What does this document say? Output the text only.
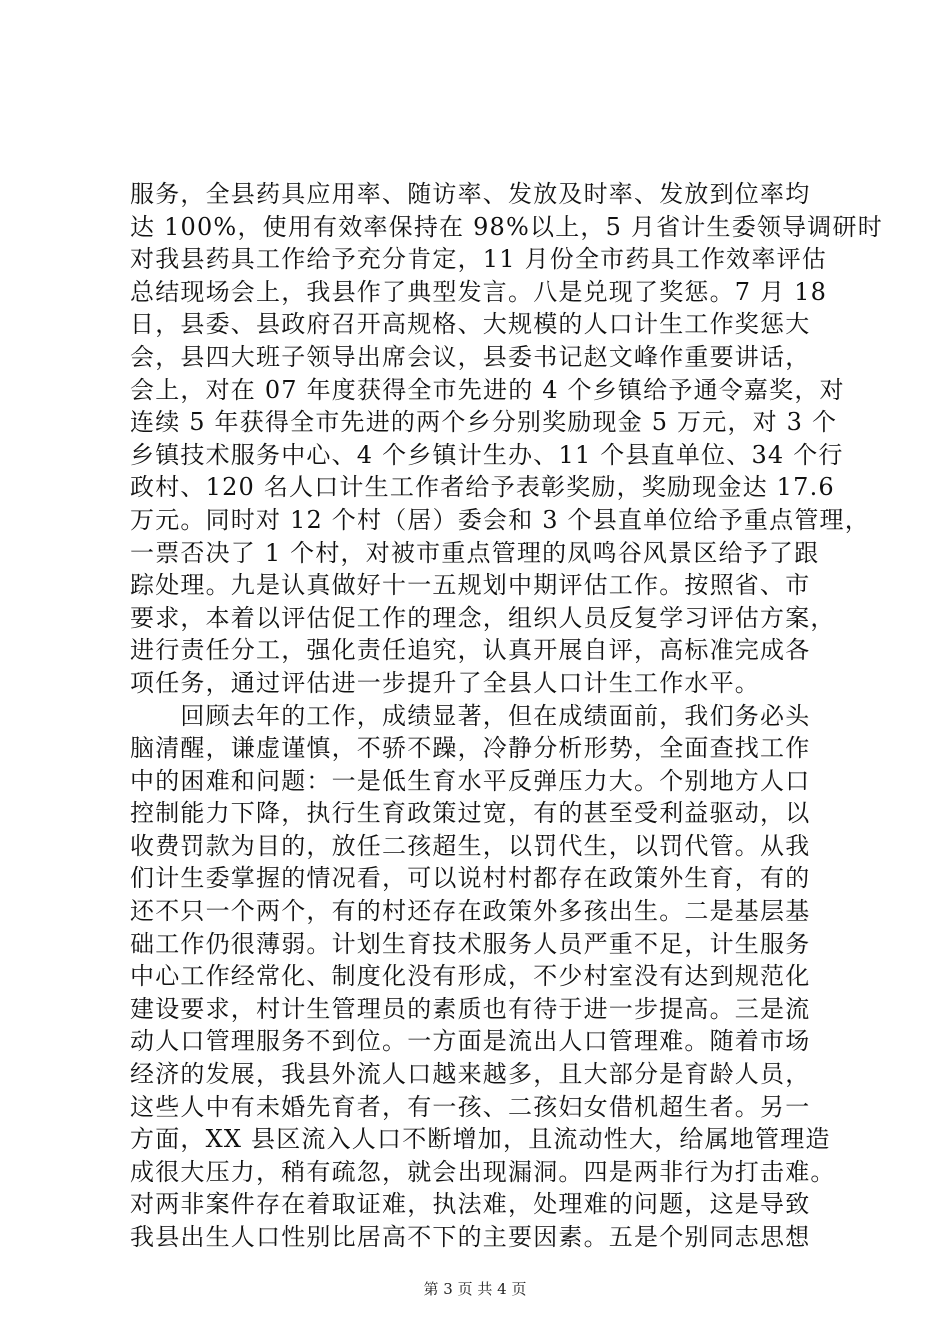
服务，全县药具应用率、随访率、发放及时率、发放到位率均
达 100%，使用有效率保持在 98%以上，5 月省计生委领导调研时
对我县药具工作给予充分肯定，11 月份全市药具工作效率评估
总结现场会上，我县作了典型发言。八是兑现了奖惩。7 月 18
日，县委、县政府召开高规格、大规模的人口计生工作奖惩大
会，县四大班子领导出席会议，县委书记赵文峰作重要讲话，
会上，对在 07 年度获得全市先进的 4 个乡镇给予通令嘉奖，对
连续 5 年获得全市先进的两个乡分别奖励现金 5 万元，对 3 个
乡镇技术服务中心、4 个乡镇计生办、11 个县直单位、34 个行
政村、120 名人口计生工作者给予表彰奖励，奖励现金达 17.6
万元。同时对 12 个村（居）委会和 3 个县直单位给予重点管理，
一票否决了 1 个村，对被市重点管理的凤鸣谷风景区给予了跟
踪处理。九是认真做好十一五规划中期评估工作。按照省、市
要求，本着以评估促工作的理念，组织人员反复学习评估方案，
进行责任分工，强化责任追究，认真开展自评，高标准完成各
项任务，通过评估进一步提升了全县人口计生工作水平。
　　回顾去年的工作，成绩显著，但在成绩面前，我们务必头
脑清醒，谦虚谨慎，不骄不躁，冷静分析形势，全面查找工作
中的困难和问题：一是低生育水平反弹压力大。个别地方人口
控制能力下降，执行生育政策过宽，有的甚至受利益驱动，以
收费罚款为目的，放任二孩超生，以罚代生，以罚代管。从我
们计生委掌握的情况看，可以说村村都存在政策外生育，有的
还不只一个两个，有的村还存在政策外多孩出生。二是基层基
础工作仍很薄弱。计划生育技术服务人员严重不足，计生服务
中心工作经常化、制度化没有形成，不少村室没有达到规范化
建设要求，村计生管理员的素质也有待于进一步提高。三是流
动人口管理服务不到位。一方面是流出人口管理难。随着市场
经济的发展，我县外流人口越来越多，且大部分是育龄人员，
这些人中有未婚先育者，有一孩、二孩妇女借机超生者。另一
方面，XX 县区流入人口不断增加，且流动性大，给属地管理造
成很大压力，稍有疏忽，就会出现漏洞。四是两非行为打击难。
对两非案件存在着取证难，执法难，处理难的问题，这是导致
我县出生人口性别比居高不下的主要因素。五是个别同志思想
第 3 页 共 4 页
